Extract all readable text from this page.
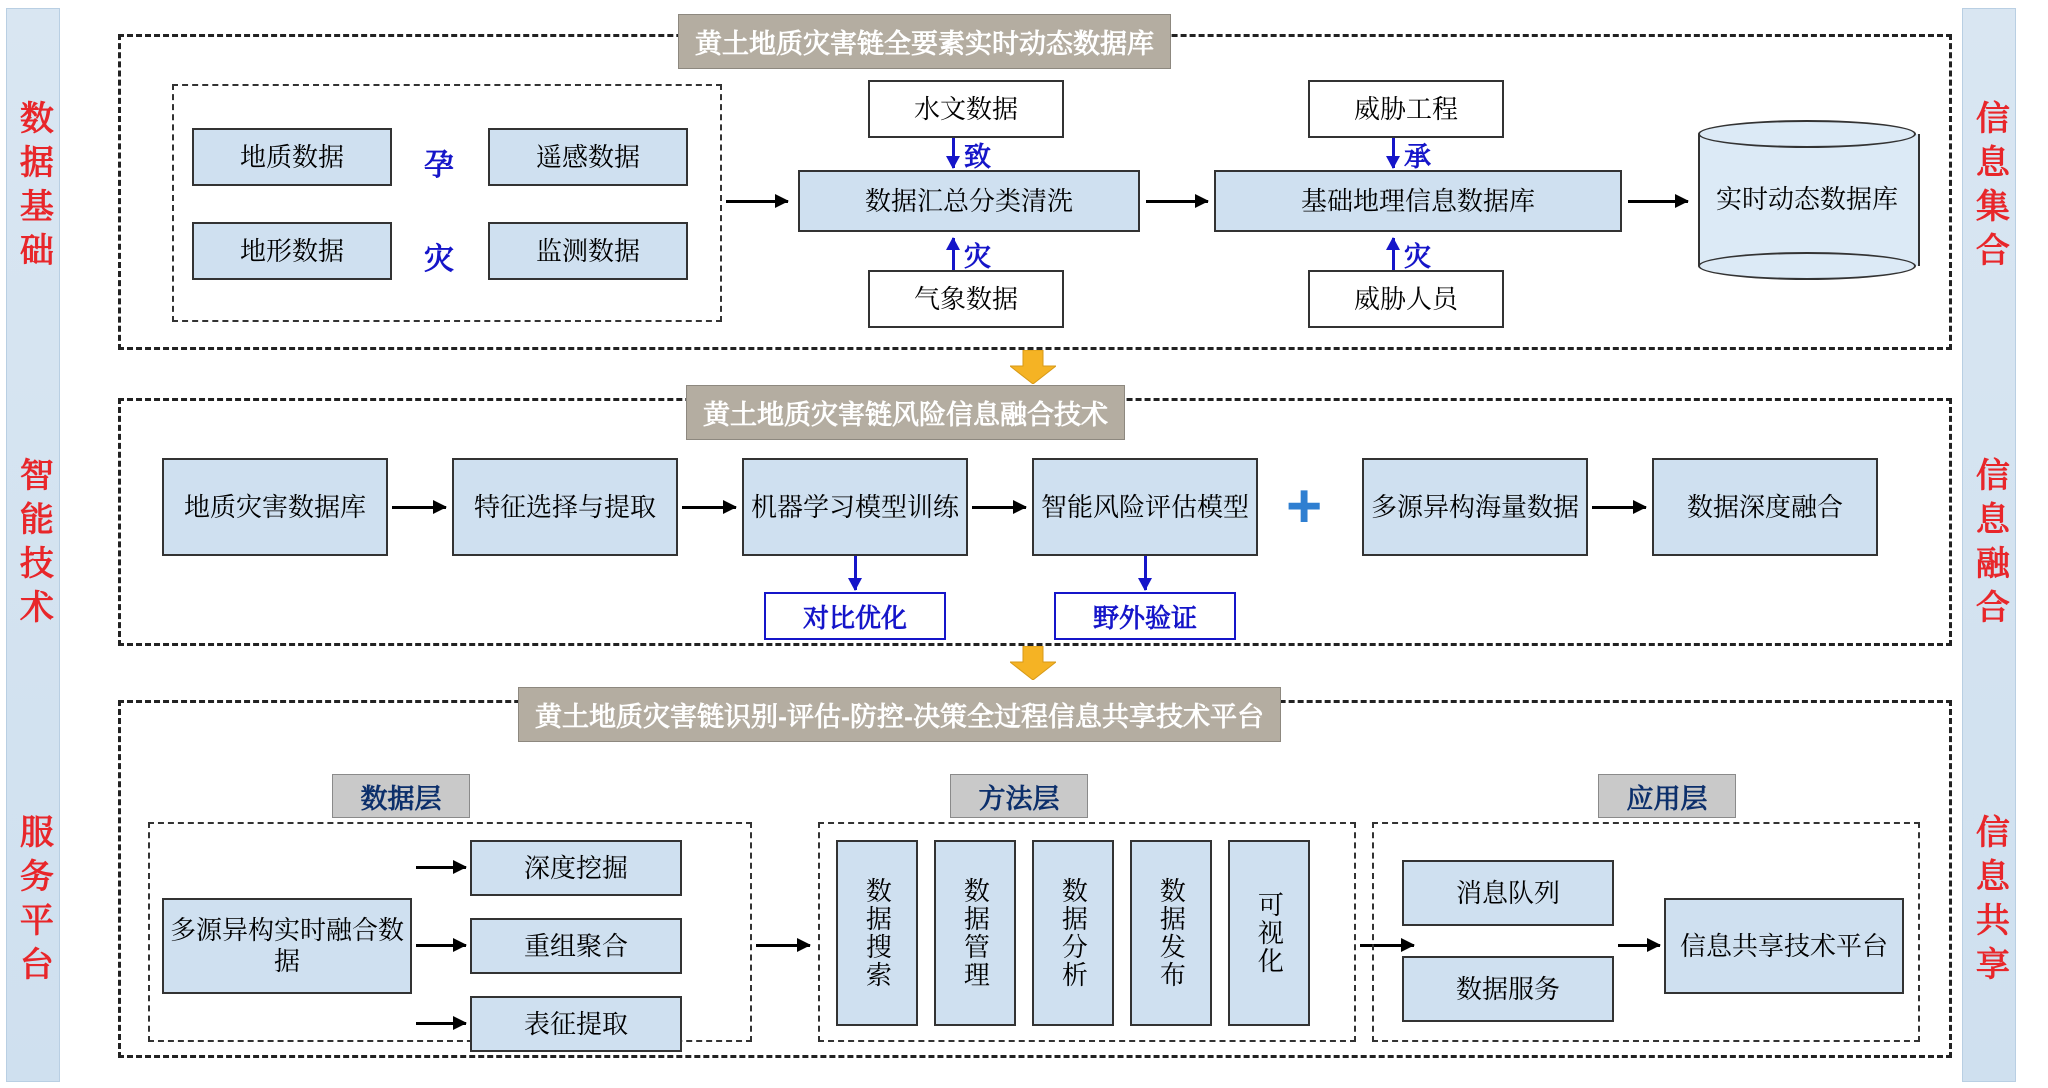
数据基础
智能技术
服务平台
信息集合
信息融合
信息共享
黄土地质灾害链全要素实时动态数据库
地质数据	遥感数据
地形数据	监测数据
孕
灾
数据汇总分类清洗
水文数据
气象数据
致
灾
基础地理信息数据库
威胁工程
威胁人员
承
灾
实时动态数据库
黄土地质灾害链风险信息融合技术
地质灾害数据库	特征选择与提取	机器学习模型训练	智能风险评估模型
对比优化	野外验证
+	多源异构海量数据	数据深度融合
黄土地质灾害链识别-评估-防控-决策全过程信息共享技术平台
数据层	方法层	应用层
多源异构实时融合数据
深度挖掘
重组聚合
表征提取
数据搜索	数据管理	数据分析	数据发布	可视化	消息队列
数据服务
信息共享技术平台
